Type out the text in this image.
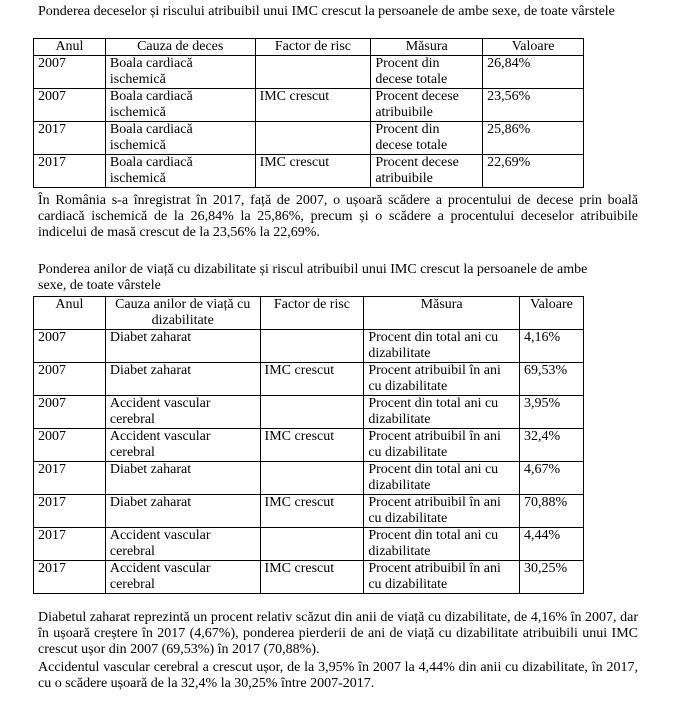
Ponderea deceselor și riscului atribuibil unui IMC crescut la persoanele de ambe sexe, de toate vârstele
Anul	Cauza de deces	Factor de risc	Măsura	Valoare
2007	Boala cardiacă ischemică		Procent din decese totale	26,84%
2007	Boala cardiacă ischemică	IMC crescut	Procent decese atribuibile	23,56%
2017	Boala cardiacă ischemică		Procent din decese totale	25,86%
2017	Boala cardiacă ischemică	IMC crescut	Procent decese atribuibile	22,69%
În România s-a înregistrat în 2017, față de 2007, o ușoară scădere a procentului de decese prin boală cardiacă ischemică de la 26,84% la 25,86%, precum și o scădere a procentului deceselor atribuibile indicelui de masă crescut de la 23,56% la 22,69%.
Ponderea anilor de viață cu dizabilitate și riscul atribuibil unui IMC crescut la persoanele de ambe sexe, de toate vârstele
Anul	Cauza anilor de viață cu dizabilitate	Factor de risc	Măsura	Valoare
2007	Diabet zaharat		Procent din total ani cu dizabilitate	4,16%
2007	Diabet zaharat	IMC crescut	Procent atribuibil în ani cu dizabilitate	69,53%
2007	Accident vascular cerebral		Procent din total ani cu dizabilitate	3,95%
2007	Accident vascular cerebral	IMC crescut	Procent atribuibil în ani cu dizabilitate	32,4%
2017	Diabet zaharat		Procent din total ani cu dizabilitate	4,67%
2017	Diabet zaharat	IMC crescut	Procent atribuibil în ani cu dizabilitate	70,88%
2017	Accident vascular cerebral		Procent din total ani cu dizabilitate	4,44%
2017	Accident vascular cerebral	IMC crescut	Procent atribuibil în ani cu dizabilitate	30,25%
Diabetul zaharat reprezintă un procent relativ scăzut din anii de viață cu dizabilitate, de 4,16% în 2007, dar în ușoară creștere în 2017 (4,67%), ponderea pierderii de ani de viață cu dizabilitate atribuibili unui IMC crescut ușor din 2007 (69,53%) în 2017 (70,88%).
Accidentul vascular cerebral a crescut ușor, de la 3,95% în 2007 la 4,44% din anii cu dizabilitate, în 2017, cu o scădere ușoară de la 32,4% la 30,25% între 2007-2017.
